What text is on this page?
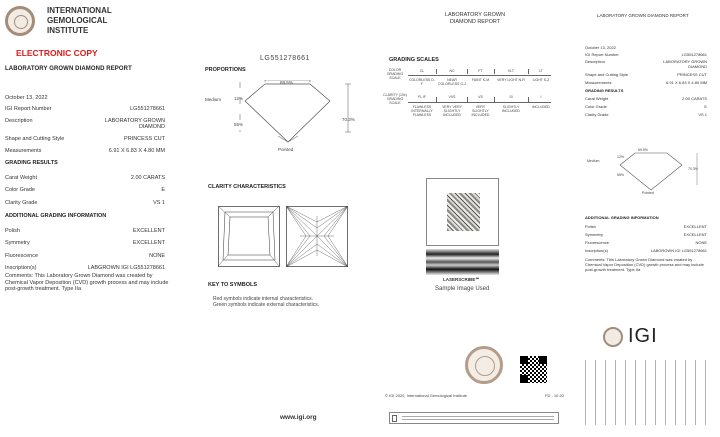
INTERNATIONAL GEMOLOGICAL INSTITUTE
ELECTRONIC COPY
LABORATORY GROWN DIAMOND REPORT
October 13, 2022
IGI Report Number	LG551278661
Description	LABORATORY GROWN DIAMOND
Shape and Cutting Style	PRINCESS CUT
Measurements	6.91 X 6.83 X 4.80 MM
GRADING RESULTS
Carat Weight	2.00 CARATS
Color Grade	E
Clarity Grade	VS 1
ADDITIONAL GRADING INFORMATION
Polish	EXCELLENT
Symmetry	EXCELLENT
Fluorescence	NONE
Inscription(s)	LABGROWN IGI LG551278661
Comments: This Laboratory Grown Diamond was created by Chemical Vapor Deposition (CVD) growth process and may include post-growth treatment. Type IIa
LG551278661
PROPORTIONS
69.5%
12%
55%
70.3%
Medium
Pointed
CLARITY CHARACTERISTICS
KEY TO SYMBOLS
Red symbols indicate internal characteristics.
Green symbols indicate external characteristics.
www.igi.org
LABORATORY GROWN
DIAMOND REPORT
GRADING SCALES
COLOR GRADING SCALE
CL
COLORLESS D-F
NC
NEAR COLORLESS G-J
FT
FAINT K-M
VLT
VERY LIGHT N-R
LT
LIGHT S-Z
CLARITY (10x) GRADING SCALE
FL IF
FLAWLESS INTERNALLY FLAWLESS
VVS
VERY VERY SLIGHTLY INCLUDED
VS
VERY SLIGHTLY INCLUDED
SI
SLIGHTLY INCLUDED
I
INCLUDED
LASERSCRIBE℠
Sample Image Used
© IGI 2020, International Gemological Institute	FD - 10.20
LABORATORY GROWN DIAMOND REPORT
October 13, 2022
IGI Report Number	LG551278661
Description	LABORATORY GROWN DIAMOND
Shape and Cutting Style	PRINCESS CUT
Measurements	6.91 X 6.83 X 4.80 MM
GRADING RESULTS
Carat Weight	2.00 CARATS
Color Grade	E
Clarity Grade	VS 1
69.5%
12%
55%
70.3%
Medium
Pointed
ADDITIONAL GRADING INFORMATION
Polish	EXCELLENT
Symmetry	EXCELLENT
Fluorescence	NONE
Inscription(s)	LABGROWN IGI LG551278661
Comments: This Laboratory Grown Diamond was created by Chemical Vapor Deposition (CVD) growth process and may include post-growth treatment. Type IIa
IGI
